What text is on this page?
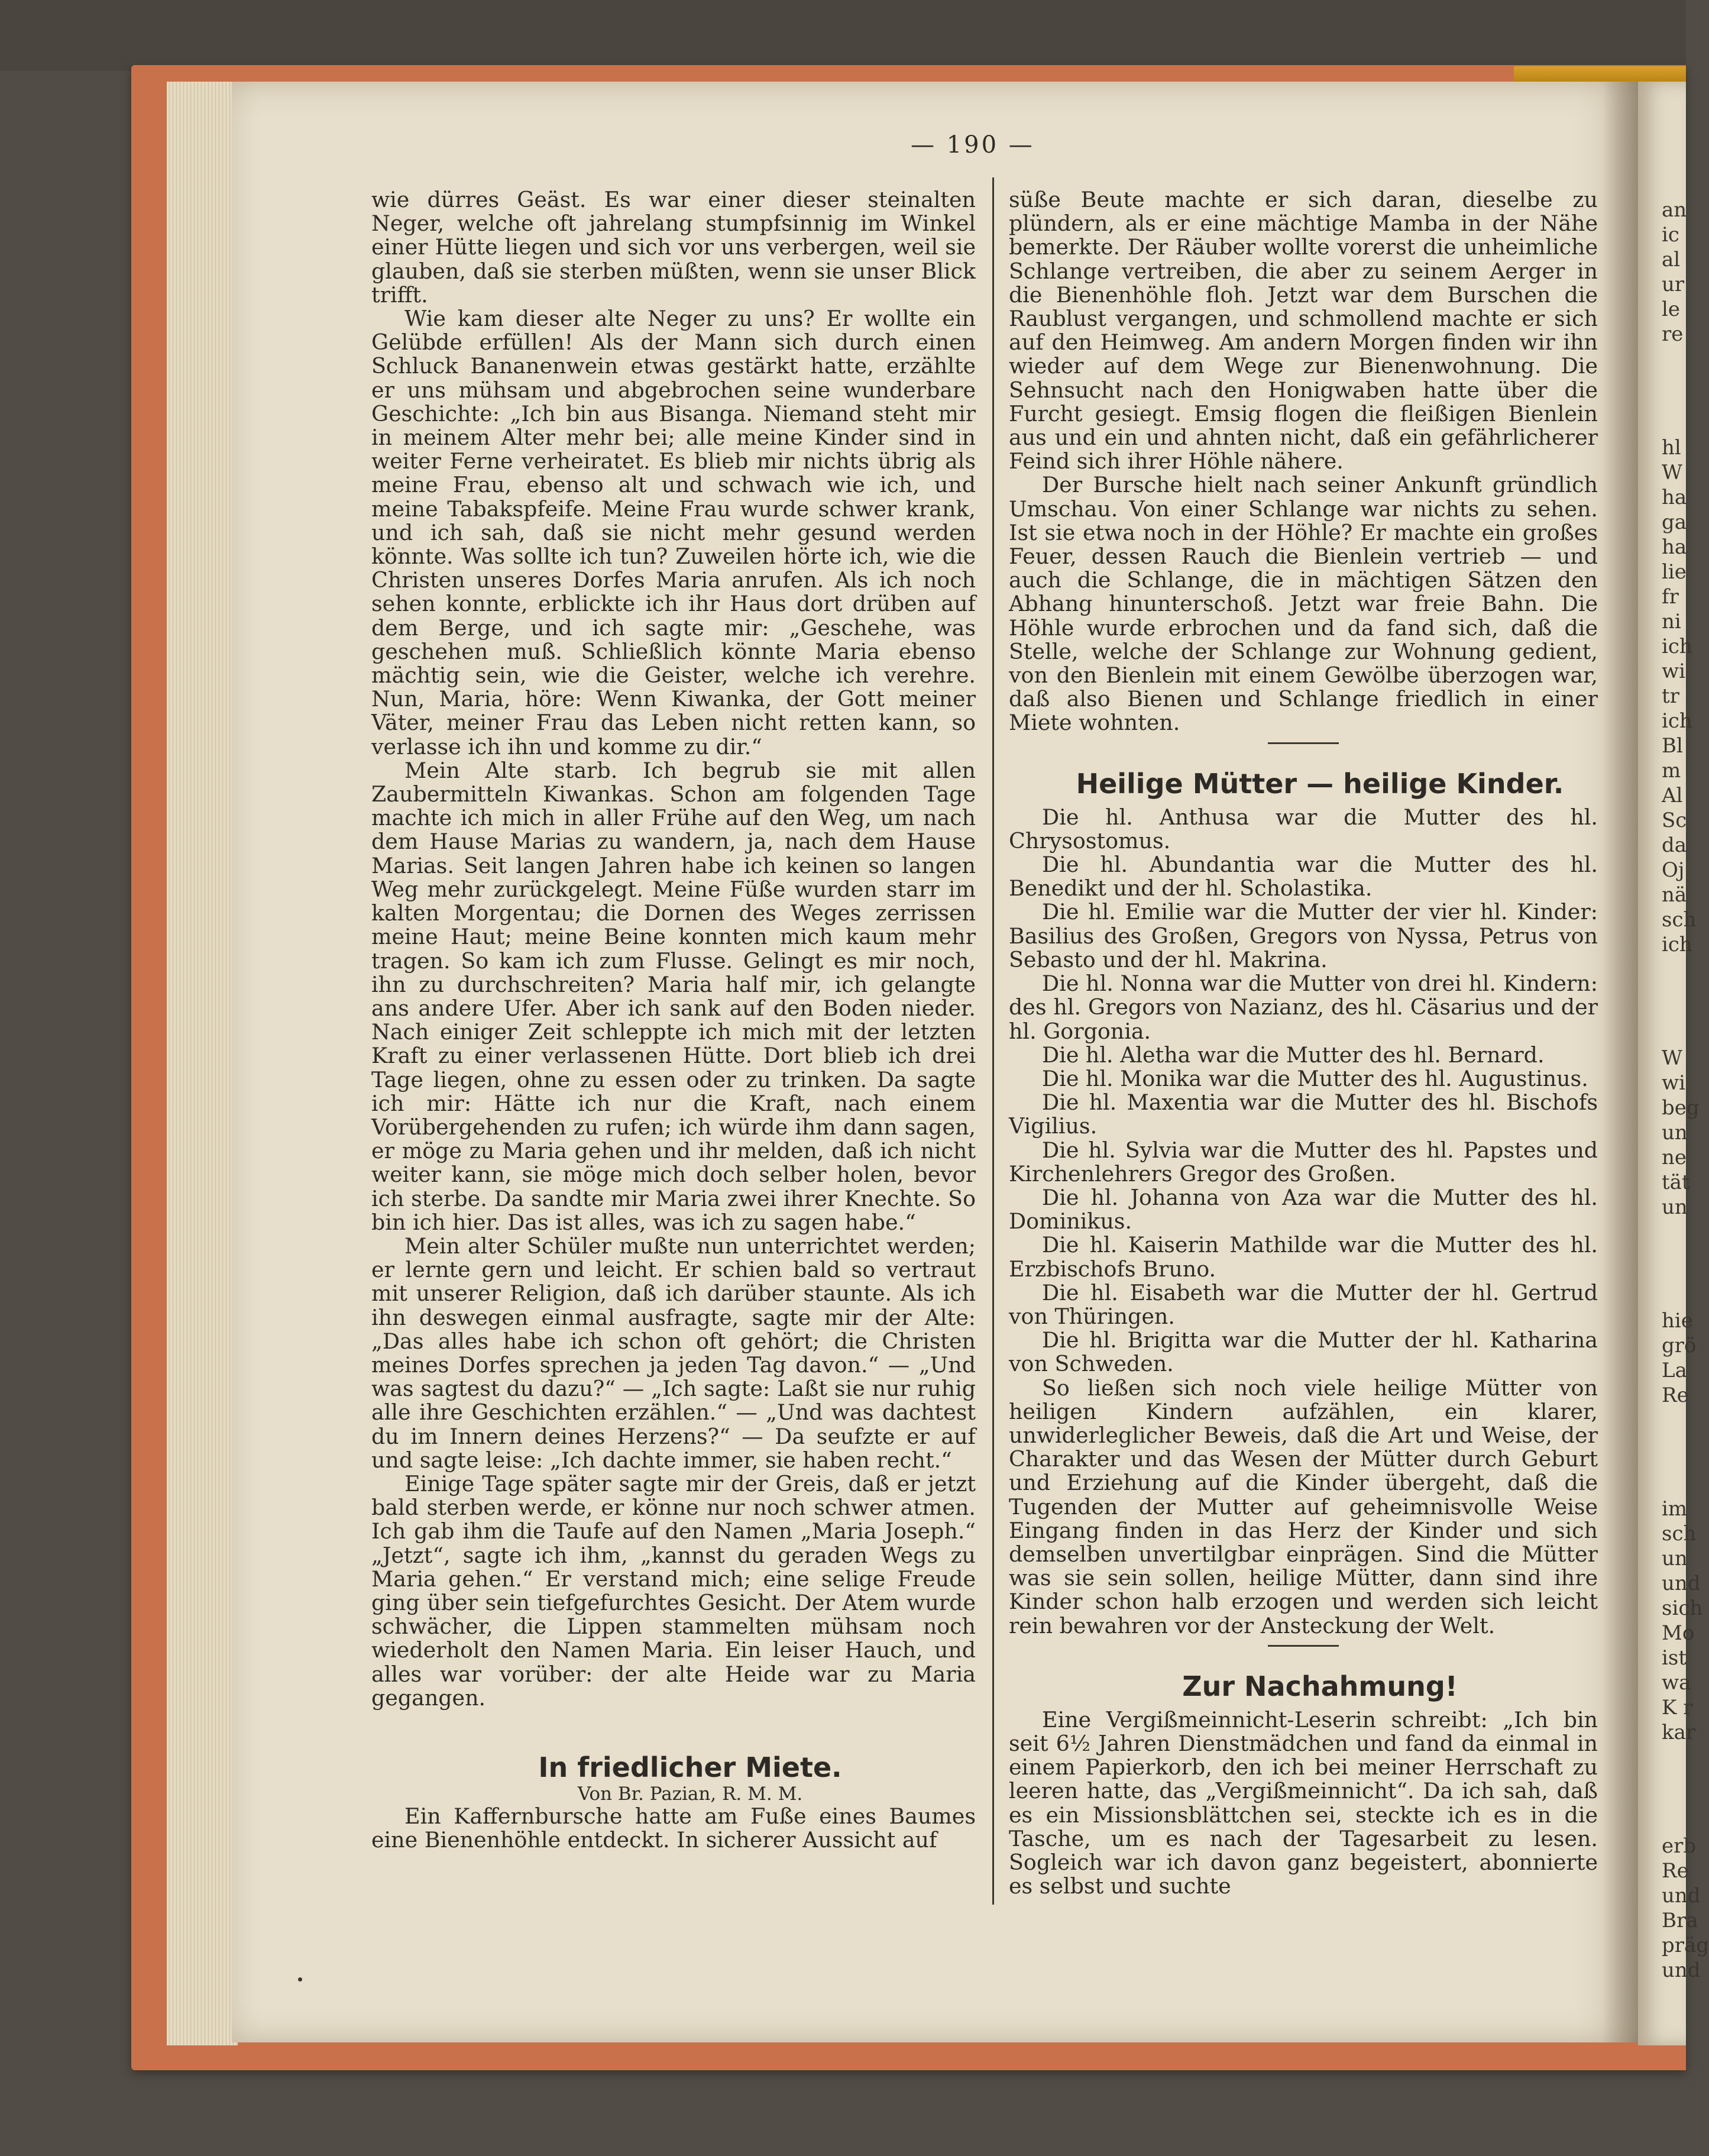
an
ic
al
ur
le
re
hl
W
ha
ga
ha
lie
fr
ni
ich
wi
tr
ich
Bl
m
Al
Sc
da
Oj
nä
sch
ich
W
wi
beg
un
ne
tät
un
hie
grö
La
Re
im
sch
un
und
sich
Mo
ist
wa
K r
kar
erb
Re
und
Bra
präg
und
— 190 —

wie dürres Geäst. Es war einer dieser steinalten Neger, welche oft jahrelang stumpfsinnig im Winkel einer Hütte liegen und sich vor uns verbergen, weil sie glauben, daß sie sterben müßten, wenn sie unser Blick trifft.

Wie kam dieser alte Neger zu uns? Er wollte ein Gelübde erfüllen! Als der Mann sich durch einen Schluck Bananenwein etwas gestärkt hatte, erzählte er uns mühsam und abgebrochen seine wunderbare Geschichte: „Ich bin aus Bisanga. Niemand steht mir in meinem Alter mehr bei; alle meine Kinder sind in weiter Ferne verheiratet. Es blieb mir nichts übrig als meine Frau, ebenso alt und schwach wie ich, und meine Tabakspfeife. Meine Frau wurde schwer krank, und ich sah, daß sie nicht mehr gesund werden könnte. Was sollte ich tun? Zuweilen hörte ich, wie die Christen unseres Dorfes Maria anrufen. Als ich noch sehen konnte, erblickte ich ihr Haus dort drüben auf dem Berge, und ich sagte mir: „Geschehe, was geschehen muß. Schließlich könnte Maria ebenso mächtig sein, wie die Geister, welche ich verehre. Nun, Maria, höre: Wenn Kiwanka, der Gott meiner Väter, meiner Frau das Leben nicht retten kann, so verlasse ich ihn und komme zu dir.“

Mein Alte starb. Ich begrub sie mit allen Zaubermitteln Kiwankas. Schon am folgenden Tage machte ich mich in aller Frühe auf den Weg, um nach dem Hause Marias zu wandern, ja, nach dem Hause Marias. Seit langen Jahren habe ich keinen so langen Weg mehr zurückgelegt. Meine Füße wurden starr im kalten Morgentau; die Dornen des Weges zerrissen meine Haut; meine Beine konnten mich kaum mehr tragen. So kam ich zum Flusse. Gelingt es mir noch, ihn zu durchschreiten? Maria half mir, ich gelangte ans andere Ufer. Aber ich sank auf den Boden nieder. Nach einiger Zeit schleppte ich mich mit der letzten Kraft zu einer verlassenen Hütte. Dort blieb ich drei Tage liegen, ohne zu essen oder zu trinken. Da sagte ich mir: Hätte ich nur die Kraft, nach einem Vorübergehenden zu rufen; ich würde ihm dann sagen, er möge zu Maria gehen und ihr melden, daß ich nicht weiter kann, sie möge mich doch selber holen, bevor ich sterbe. Da sandte mir Maria zwei ihrer Knechte. So bin ich hier. Das ist alles, was ich zu sagen habe.“

Mein alter Schüler mußte nun unterrichtet werden; er lernte gern und leicht. Er schien bald so vertraut mit unserer Religion, daß ich darüber staunte. Als ich ihn deswegen einmal ausfragte, sagte mir der Alte: „Das alles habe ich schon oft gehört; die Christen meines Dorfes sprechen ja jeden Tag davon.“ — „Und was sagtest du dazu?“ — „Ich sagte: Laßt sie nur ruhig alle ihre Geschichten erzählen.“ — „Und was dachtest du im Innern deines Herzens?“ — Da seufzte er auf und sagte leise: „Ich dachte immer, sie haben recht.“

Einige Tage später sagte mir der Greis, daß er jetzt bald sterben werde, er könne nur noch schwer atmen. Ich gab ihm die Taufe auf den Namen „Maria Joseph.“ „Jetzt“, sagte ich ihm, „kannst du geraden Wegs zu Maria gehen.“ Er verstand mich; eine selige Freude ging über sein tiefgefurchtes Gesicht. Der Atem wurde schwächer, die Lippen stammelten mühsam noch wiederholt den Namen Maria. Ein leiser Hauch, und alles war vorüber: der alte Heide war zu Maria gegangen.

In friedlicher Miete.

Von Br. Pazian, R. M. M.

Ein Kaffernbursche hatte am Fuße eines Baumes eine Bienenhöhle entdeckt. In sicherer Aussicht auf

süße Beute machte er sich daran, dieselbe zu plündern, als er eine mächtige Mamba in der Nähe bemerkte. Der Räuber wollte vorerst die unheimliche Schlange vertreiben, die aber zu seinem Aerger in die Bienenhöhle floh. Jetzt war dem Burschen die Raublust vergangen, und schmollend machte er sich auf den Heimweg. Am andern Morgen finden wir ihn wieder auf dem Wege zur Bienenwohnung. Die Sehnsucht nach den Honigwaben hatte über die Furcht gesiegt. Emsig flogen die fleißigen Bienlein aus und ein und ahnten nicht, daß ein gefährlicherer Feind sich ihrer Höhle nähere.

Der Bursche hielt nach seiner Ankunft gründlich Umschau. Von einer Schlange war nichts zu sehen. Ist sie etwa noch in der Höhle? Er machte ein großes Feuer, dessen Rauch die Bienlein vertrieb — und auch die Schlange, die in mächtigen Sätzen den Abhang hinunterschoß. Jetzt war freie Bahn. Die Höhle wurde erbrochen und da fand sich, daß die Stelle, welche der Schlange zur Wohnung gedient, von den Bienlein mit einem Gewölbe überzogen war, daß also Bienen und Schlange friedlich in einer Miete wohnten.

Heilige Mütter — heilige Kinder.

Die hl. Anthusa war die Mutter des hl. Chrysostomus.

Die hl. Abundantia war die Mutter des hl. Benedikt und der hl. Scholastika.

Die hl. Emilie war die Mutter der vier hl. Kinder: Basilius des Großen, Gregors von Nyssa, Petrus von Sebasto und der hl. Makrina.

Die hl. Nonna war die Mutter von drei hl. Kindern: des hl. Gregors von Nazianz, des hl. Cäsarius und der hl. Gorgonia.

Die hl. Aletha war die Mutter des hl. Bernard.

Die hl. Monika war die Mutter des hl. Augustinus.

Die hl. Maxentia war die Mutter des hl. Bischofs Vigilius.

Die hl. Sylvia war die Mutter des hl. Papstes und Kirchenlehrers Gregor des Großen.

Die hl. Johanna von Aza war die Mutter des hl. Dominikus.

Die hl. Kaiserin Mathilde war die Mutter des hl. Erzbischofs Bruno.

Die hl. Eisabeth war die Mutter der hl. Gertrud von Thüringen.

Die hl. Brigitta war die Mutter der hl. Katharina von Schweden.

So ließen sich noch viele heilige Mütter von heiligen Kindern aufzählen, ein klarer, unwiderleglicher Beweis, daß die Art und Weise, der Charakter und das Wesen der Mütter durch Geburt und Erziehung auf die Kinder übergeht, daß die Tugenden der Mutter auf geheimnisvolle Weise Eingang finden in das Herz der Kinder und sich demselben unvertilgbar einprägen. Sind die Mütter was sie sein sollen, heilige Mütter, dann sind ihre Kinder schon halb erzogen und werden sich leicht rein bewahren vor der Ansteckung der Welt.

Zur Nachahmung!

Eine Vergißmeinnicht-Leserin schreibt: „Ich bin seit 6½ Jahren Dienstmädchen und fand da einmal in einem Papierkorb, den ich bei meiner Herrschaft zu leeren hatte, das „Vergißmeinnicht“. Da ich sah, daß es ein Missionsblättchen sei, steckte ich es in die Tasche, um es nach der Tagesarbeit zu lesen. Sogleich war ich davon ganz begeistert, abonnierte es selbst und suchte
